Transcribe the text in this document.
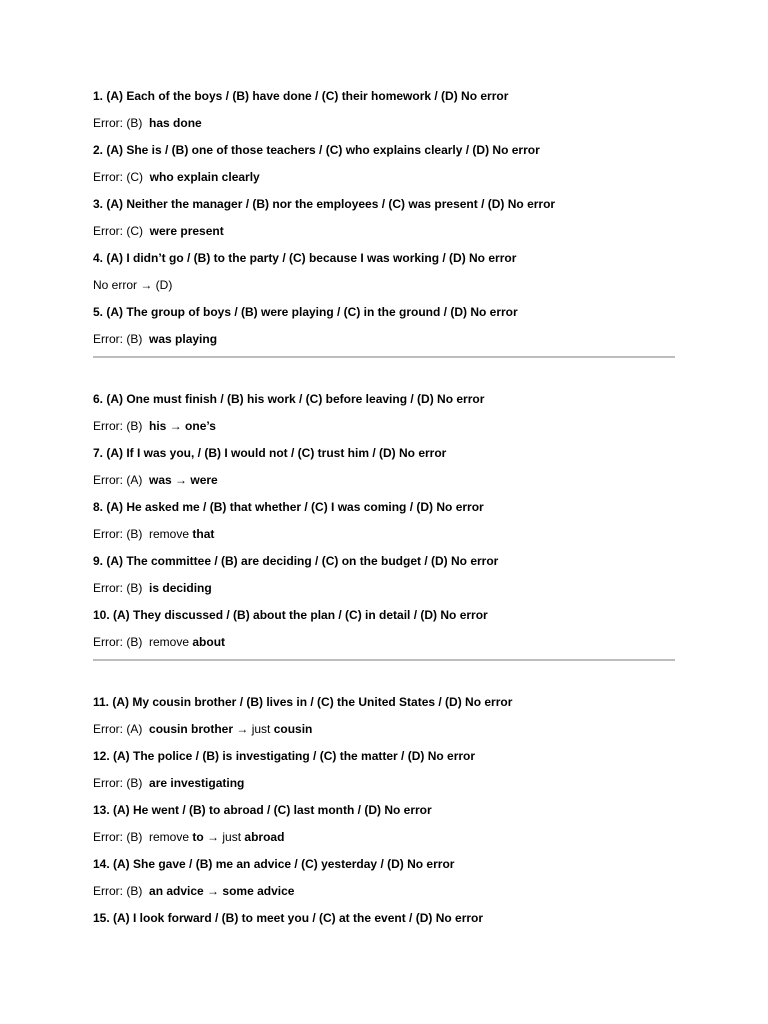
1. (A) Each of the boys / (B) have done / (C) their homework / (D) No error
Error: (B) has done
2. (A) She is / (B) one of those teachers / (C) who explains clearly / (D) No error
Error: (C) who explain clearly
3. (A) Neither the manager / (B) nor the employees / (C) was present / (D) No error
Error: (C) were present
4. (A) I didn’t go / (B) to the party / (C) because I was working / (D) No error
No error → (D)
5. (A) The group of boys / (B) were playing / (C) in the ground / (D) No error
Error: (B) was playing
6. (A) One must finish / (B) his work / (C) before leaving / (D) No error
Error: (B) his → one’s
7. (A) If I was you, / (B) I would not / (C) trust him / (D) No error
Error: (A) was → were
8. (A) He asked me / (B) that whether / (C) I was coming / (D) No error
Error: (B) remove that
9. (A) The committee / (B) are deciding / (C) on the budget / (D) No error
Error: (B) is deciding
10. (A) They discussed / (B) about the plan / (C) in detail / (D) No error
Error: (B) remove about
11. (A) My cousin brother / (B) lives in / (C) the United States / (D) No error
Error: (A) cousin brother → just cousin
12. (A) The police / (B) is investigating / (C) the matter / (D) No error
Error: (B) are investigating
13. (A) He went / (B) to abroad / (C) last month / (D) No error
Error: (B) remove to → just abroad
14. (A) She gave / (B) me an advice / (C) yesterday / (D) No error
Error: (B) an advice → some advice
15. (A) I look forward / (B) to meet you / (C) at the event / (D) No error
